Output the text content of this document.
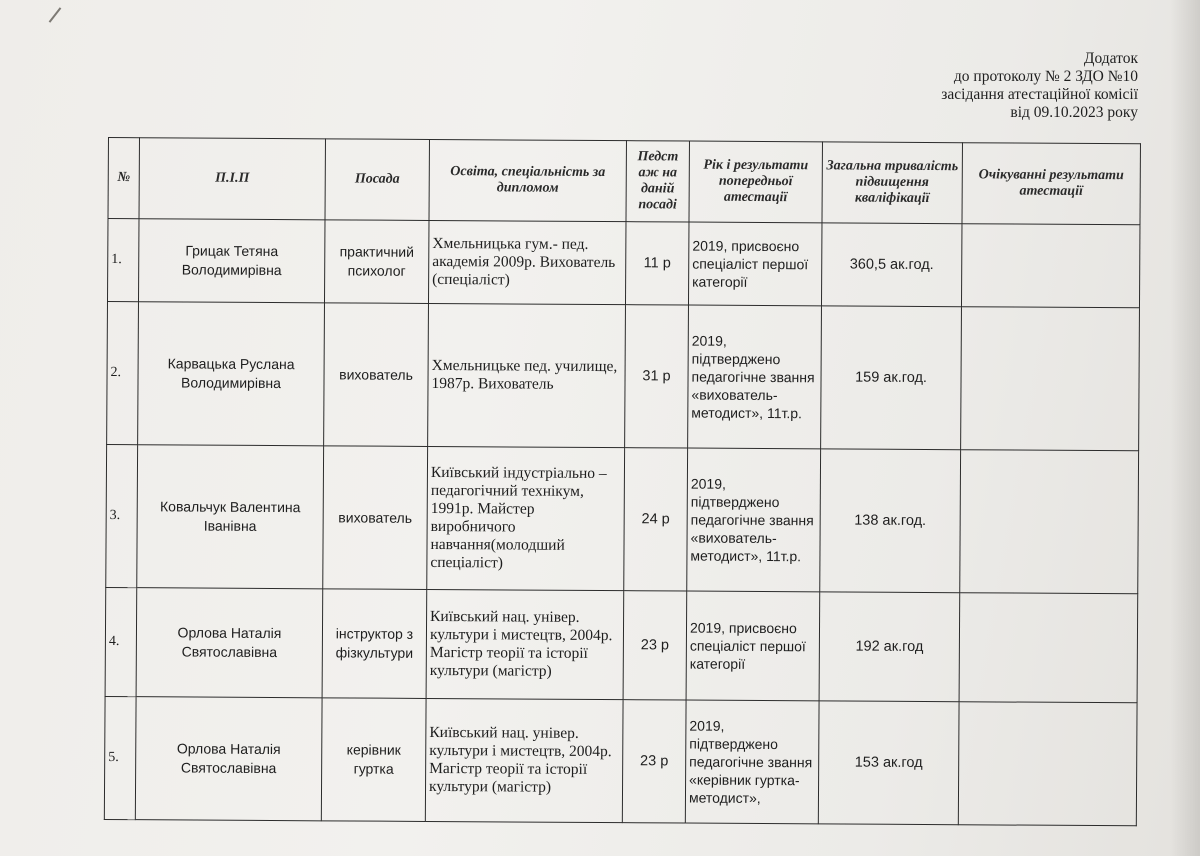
Додаток
до протоколу № 2 ЗДО №10
засідання атестаційної комісії
від 09.10.2023 року
№	П.І.П	Посада	Освіта, спеціальність за дипломом	Педст аж на даній посаді	Рік і результати попередньої атестації	Загальна тривалість підвищення кваліфікації	Очікуванні результати атестації
1.	Грицак Тетяна Володимирівна	практичний психолог	Хмельницька гум.- пед. академія 2009р. Вихователь (спеціаліст)	11 р	2019, присвоєно спеціаліст першої категорії	360,5 ак.год.	
2.	Карвацька Руслана Володимирівна	вихователь	Хмельницьке пед. училище, 1987р. Вихователь	31 р	2019, підтверджено педагогічне звання «вихователь-методист», 11т.р.	159 ак.год.	
3.	Ковальчук Валентина Іванівна	вихователь	Київський індустріально – педагогічний технікум, 1991р. Майстер виробничого навчання(молодший спеціаліст)	24 р	2019, підтверджено педагогічне звання «вихователь-методист», 11т.р.	138 ак.год.	
4.	Орлова Наталія Святославівна	інструктор з фізкультури	Київський нац. універ. культури і мистецтв, 2004р. Магістр теорії та історії культури (магістр)	23 р	2019, присвоєно спеціаліст першої категорії	192 ак.год	
5.	Орлова Наталія Святославівна	керівник гуртка	Київський нац. універ. культури і мистецтв, 2004р. Магістр теорії та історії культури (магістр)	23 р	2019, підтверджено педагогічне звання «керівник гуртка-методист»,	153 ак.год	
